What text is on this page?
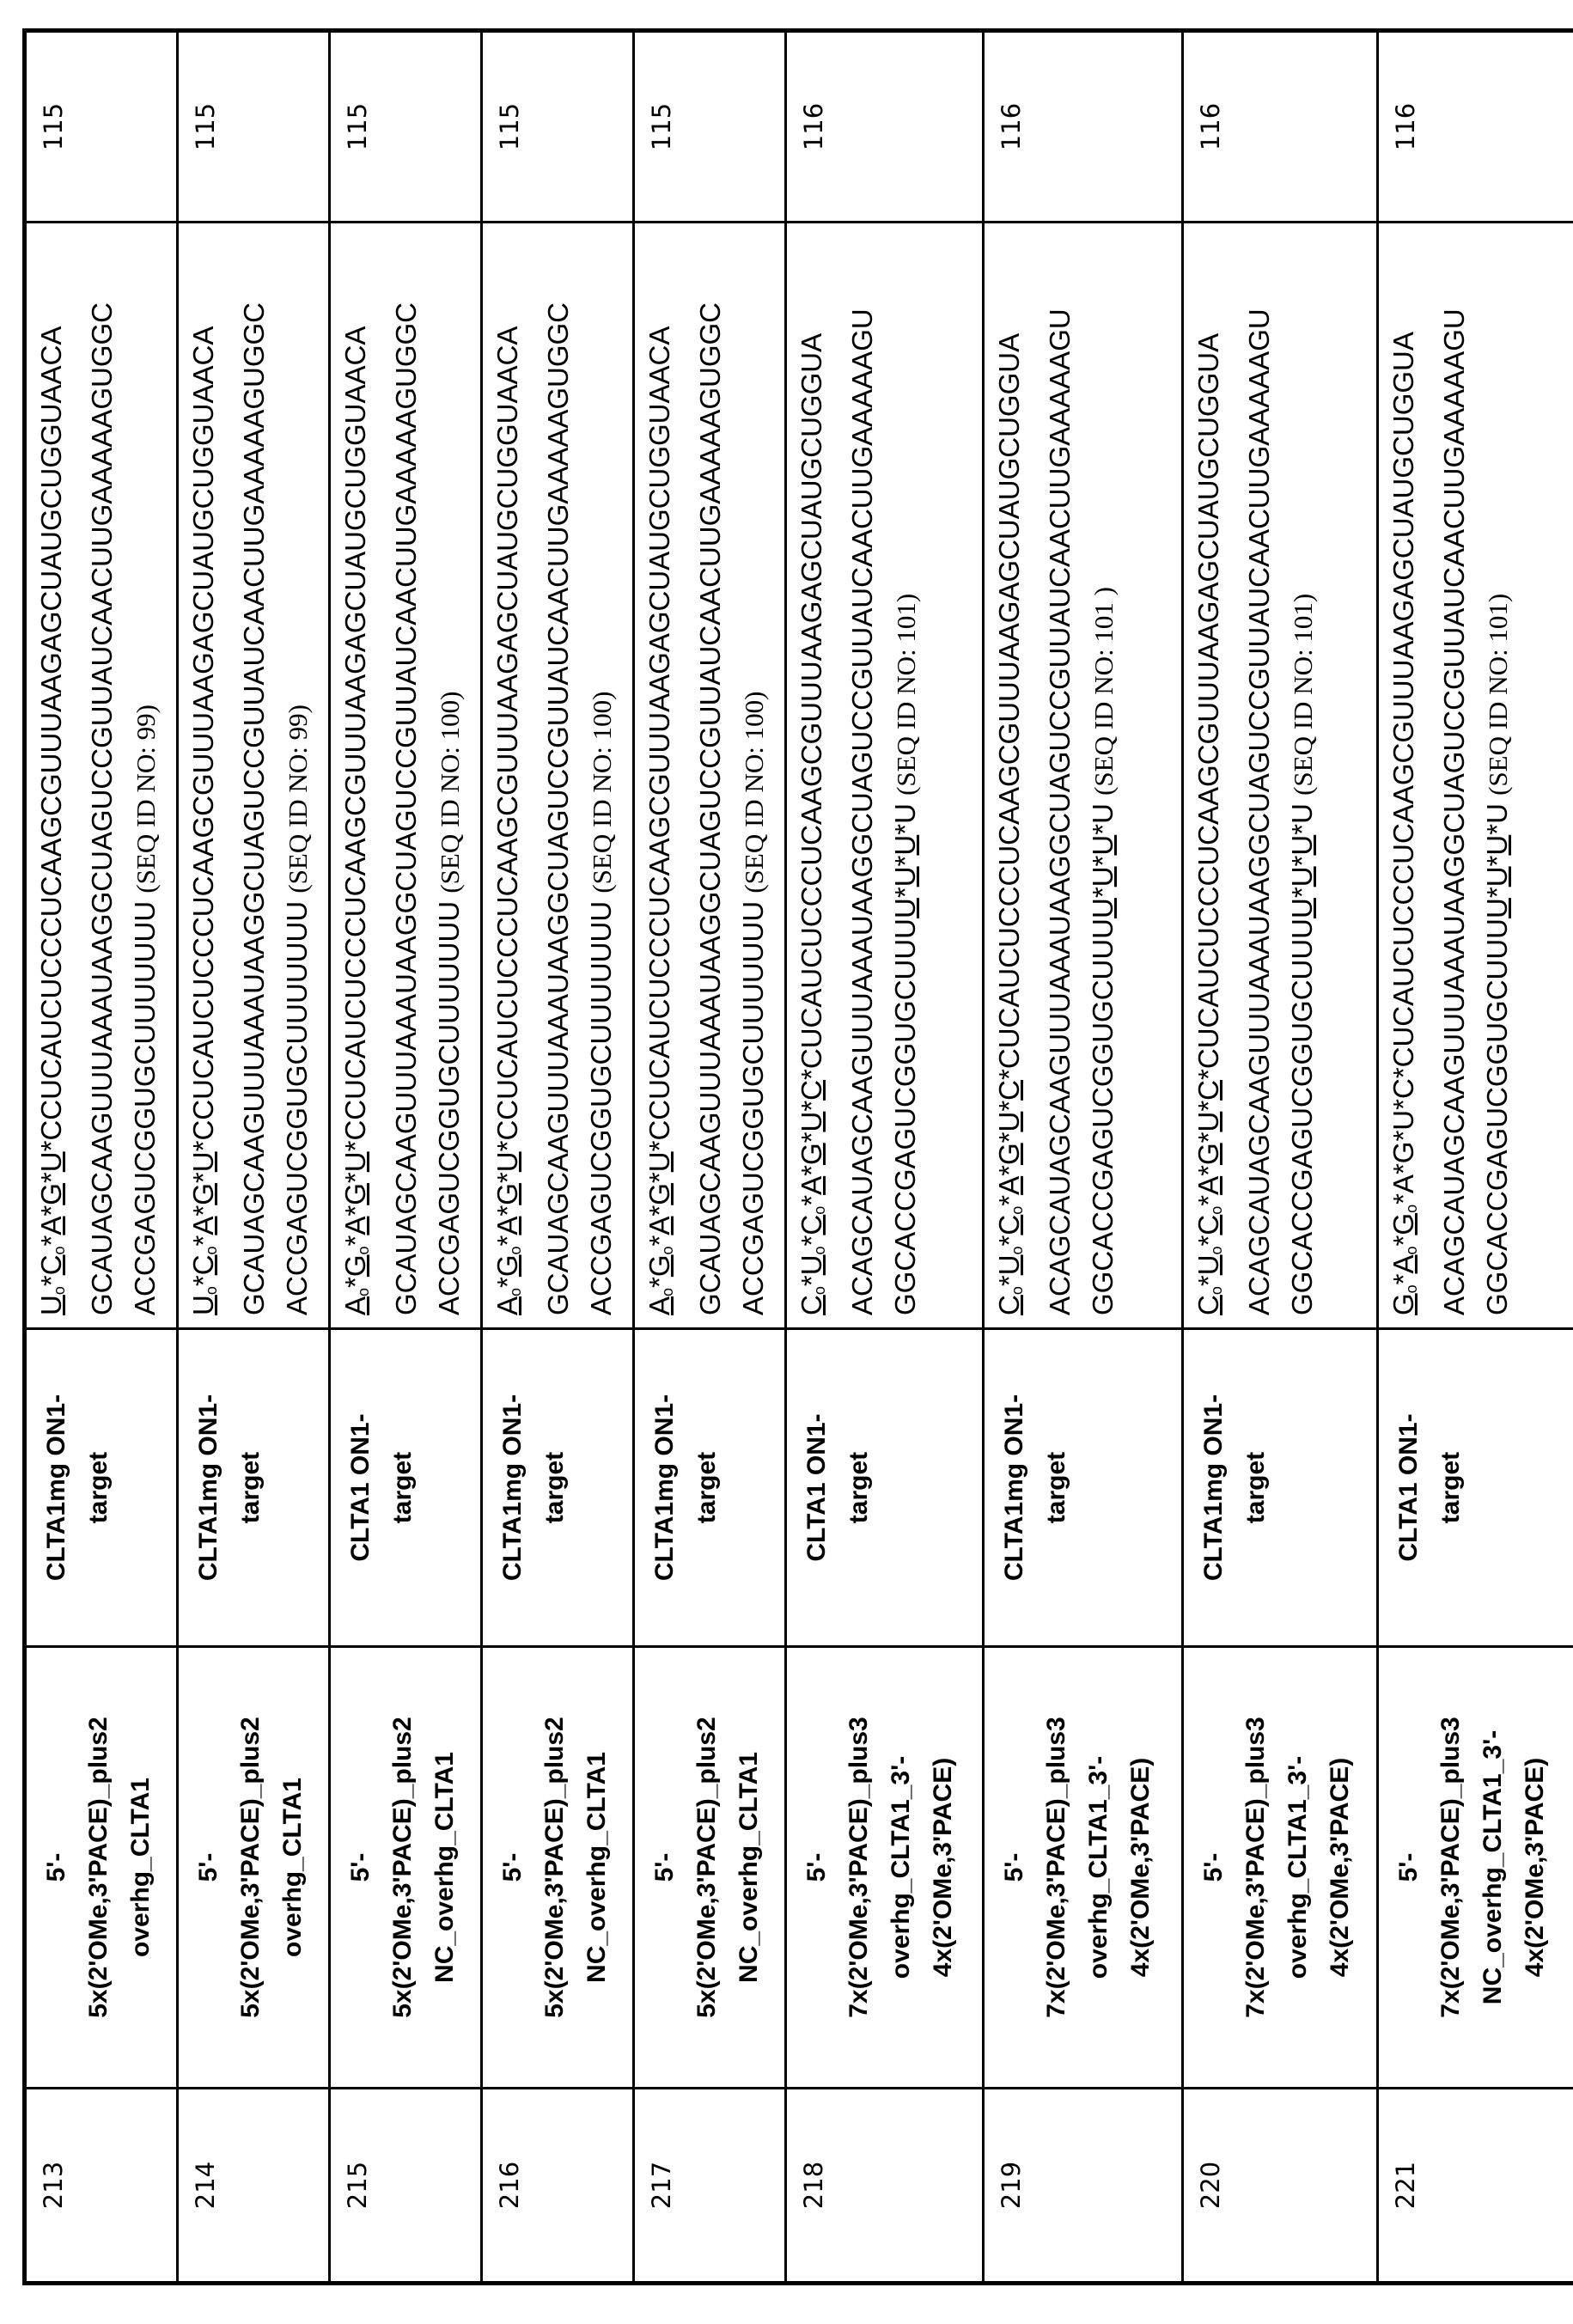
213	
5'- 5x(2'OMe,3'PACE)_plus2 overhg_CLTA1

CLTA1mg ON1- target

Uo*Co*A*G*U*CCUCAUCUCCCUCAAGCGUUUAAGAGCUAUGCUGGUAACA GCAUAGCAAGUUUAAAUAAGGCUAGUCCGUUAUCAACUUGAAAAAGUGGC ACCGAGUCGGUGCUUUUUUU (SEQ ID NO: 99)
	115
214	
5'- 5x(2'OMe,3'PACE)_plus2 overhg_CLTA1

CLTA1mg ON1- target

Uo*Co*A*G*U*CCUCAUCUCCCUCAAGCGUUUAAGAGCUAUGCUGGUAACA GCAUAGCAAGUUUAAAUAAGGCUAGUCCGUUAUCAACUUGAAAAAGUGGC ACCGAGUCGGUGCUUUUUUU (SEQ ID NO: 99)
	115
215	
5'- 5x(2'OMe,3'PACE)_plus2 NC_overhg_CLTA1

CLTA1 ON1- target

Ao*Go*A*G*U*CCUCAUCUCCCUCAAGCGUUUAAGAGCUAUGCUGGUAACA GCAUAGCAAGUUUAAAUAAGGCUAGUCCGUUAUCAACUUGAAAAAGUGGC ACCGAGUCGGUGCUUUUUUU (SEQ ID NO: 100)
	115
216	
5'- 5x(2'OMe,3'PACE)_plus2 NC_overhg_CLTA1

CLTA1mg ON1- target

Ao*Go*A*G*U*CCUCAUCUCCCUCAAGCGUUUAAGAGCUAUGCUGGUAACA GCAUAGCAAGUUUAAAUAAGGCUAGUCCGUUAUCAACUUGAAAAAGUGGC ACCGAGUCGGUGCUUUUUUU (SEQ ID NO: 100)
	115
217	
5'- 5x(2'OMe,3'PACE)_plus2 NC_overhg_CLTA1

CLTA1mg ON1- target

Ao*Go*A*G*U*CCUCAUCUCCCUCAAGCGUUUAAGAGCUAUGCUGGUAACA GCAUAGCAAGUUUAAAUAAGGCUAGUCCGUUAUCAACUUGAAAAAGUGGC ACCGAGUCGGUGCUUUUUUU (SEQ ID NO: 100)
	115
218	
5'- 7x(2'OMe,3'PACE)_plus3 overhg_CLTA1_3'- 4x(2'OMe,3'PACE)

CLTA1 ON1- target

Co*Uo*Co*A*G*U*C*CUCAUCUCCCUCAAGCGUUUAAGAGCUAUGCUGGUA ACAGCAUAGCAAGUUUAAAUAAGGCUAGUCCGUUAUCAACUUGAAAAAGU GGCACCGAGUCGGUGCUUUU*U*U*U (SEQ ID NO: 101)
	116
219	
5'- 7x(2'OMe,3'PACE)_plus3 overhg_CLTA1_3'- 4x(2'OMe,3'PACE)

CLTA1mg ON1- target

Co*Uo*Co*A*G*U*C*CUCAUCUCCCUCAAGCGUUUAAGAGCUAUGCUGGUA ACAGCAUAGCAAGUUUAAAUAAGGCUAGUCCGUUAUCAACUUGAAAAAGU GGCACCGAGUCGGUGCUUUU*U*U*U (SEQ ID NO: 101 )
	116
220	
5'- 7x(2'OMe,3'PACE)_plus3 overhg_CLTA1_3'- 4x(2'OMe,3'PACE)

CLTA1mg ON1- target

Co*Uo*Co*A*G*U*C*CUCAUCUCCCUCAAGCGUUUAAGAGCUAUGCUGGUA ACAGCAUAGCAAGUUUAAAUAAGGCUAGUCCGUUAUCAACUUGAAAAAGU GGCACCGAGUCGGUGCUUUU*U*U*U (SEQ ID NO: 101)
	116
221	
5'- 7x(2'OMe,3'PACE)_plus3 NC_overhg_CLTA1_3'- 4x(2'OMe,3'PACE)

CLTA1 ON1- target

Go*Ao*Go*A*G*U*C*CUCAUCUCCCUCAAGCGUUUAAGAGCUAUGCUGGUA ACAGCAUAGCAAGUUUAAAUAAGGCUAGUCCGUUAUCAACUUGAAAAAGU GGCACCGAGUCGGUGCUUUU*U*U*U (SEQ ID NO: 101)
	116
